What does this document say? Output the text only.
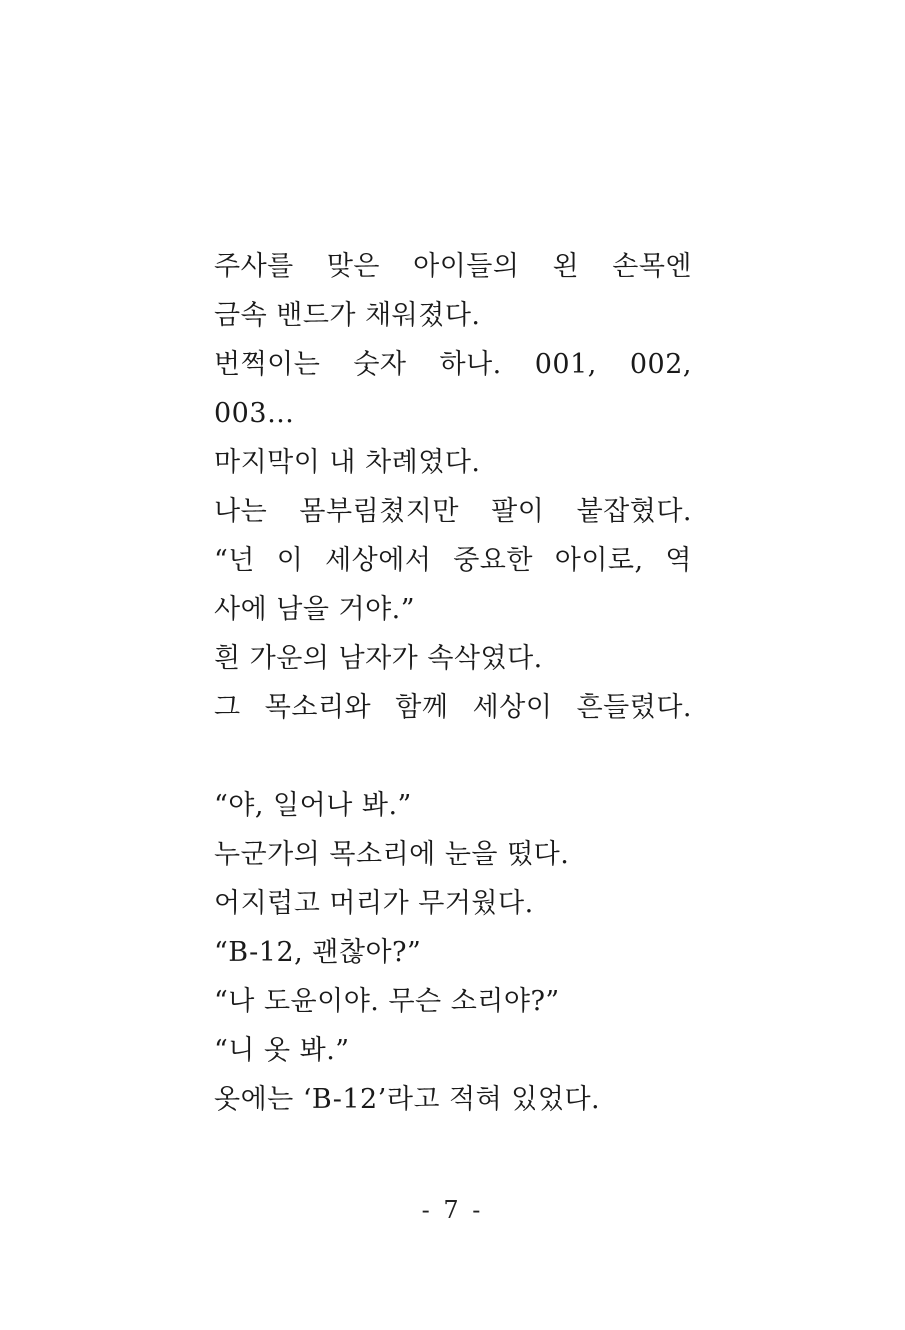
주사를 맞은 아이들의 왼 손목엔
금속 밴드가 채워졌다.
번쩍이는 숫자 하나. 001, 002,
003…
마지막이 내 차례였다.
나는 몸부림쳤지만 팔이 붙잡혔다.
“넌 이 세상에서 중요한 아이로, 역
사에 남을 거야.”
흰 가운의 남자가 속삭였다.
그 목소리와 함께 세상이 흔들렸다.
“야, 일어나 봐.”
누군가의 목소리에 눈을 떴다.
어지럽고 머리가 무거웠다.
“B-12, 괜찮아?”
“나 도윤이야. 무슨 소리야?”
“니 옷 봐.”
옷에는 ‘B-12’라고 적혀 있었다.
- 7 -
